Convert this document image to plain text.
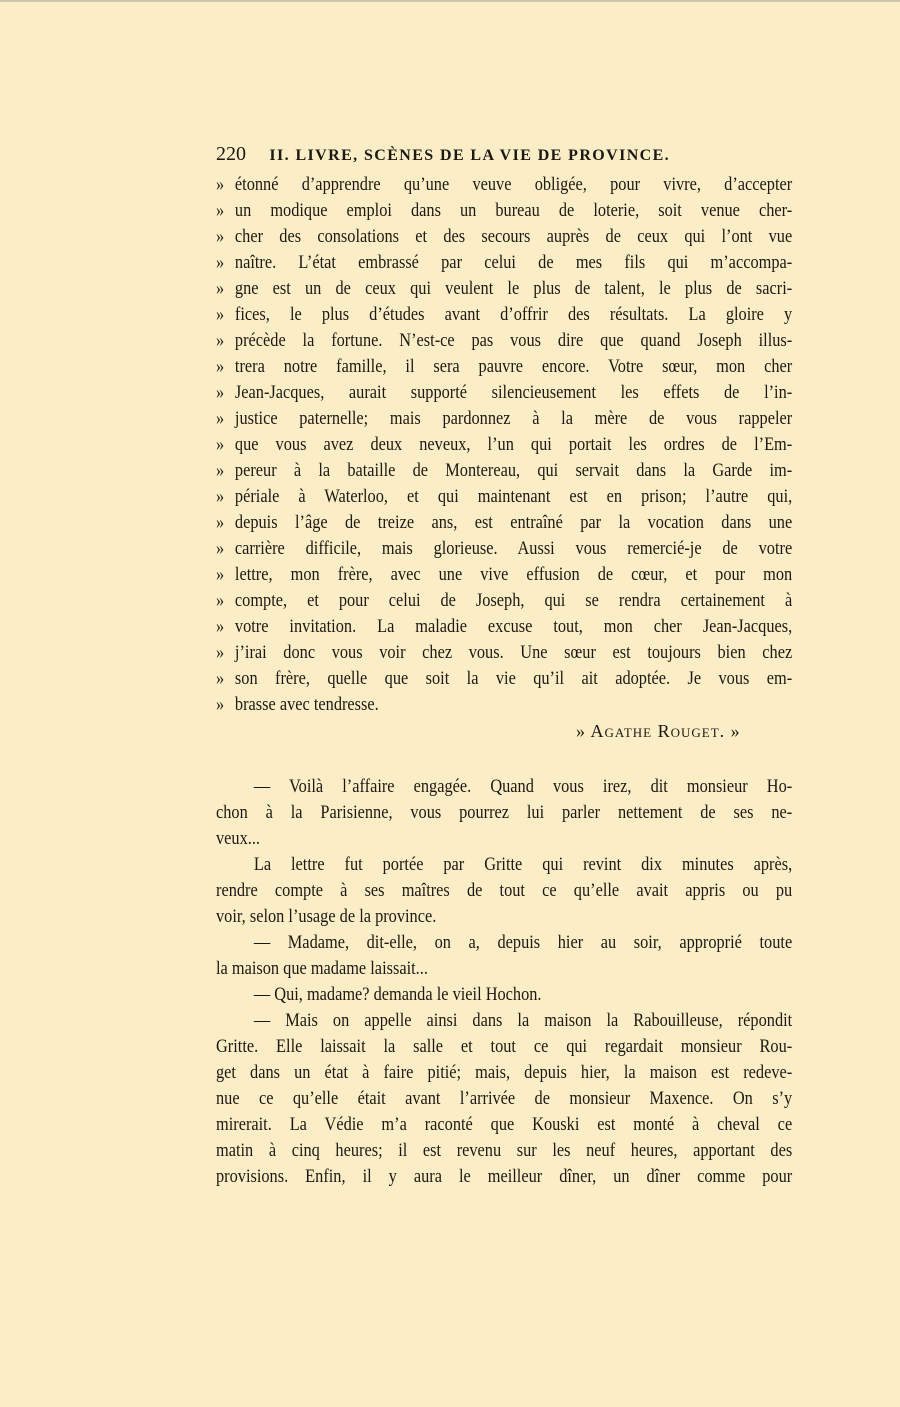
220 II. LIVRE, SCÈNES DE LA VIE DE PROVINCE.
» étonné d’apprendre qu’une veuve obligée, pour vivre, d’accepter
» un modique emploi dans un bureau de loterie, soit venue cher-
» cher des consolations et des secours auprès de ceux qui l’ont vue
» naître. L’état embrassé par celui de mes fils qui m’accompa-
» gne est un de ceux qui veulent le plus de talent, le plus de sacri-
» fices, le plus d’études avant d’offrir des résultats. La gloire y
» précède la fortune. N’est-ce pas vous dire que quand Joseph illus-
» trera notre famille, il sera pauvre encore. Votre sœur, mon cher
» Jean-Jacques, aurait supporté silencieusement les effets de l’in-
» justice paternelle; mais pardonnez à la mère de vous rappeler
» que vous avez deux neveux, l’un qui portait les ordres de l’Em-
» pereur à la bataille de Montereau, qui servait dans la Garde im-
» périale à Waterloo, et qui maintenant est en prison; l’autre qui,
» depuis l’âge de treize ans, est entraîné par la vocation dans une
» carrière difficile, mais glorieuse. Aussi vous remercié-je de votre
» lettre, mon frère, avec une vive effusion de cœur, et pour mon
» compte, et pour celui de Joseph, qui se rendra certainement à
» votre invitation. La maladie excuse tout, mon cher Jean-Jacques,
» j’irai donc vous voir chez vous. Une sœur est toujours bien chez
» son frère, quelle que soit la vie qu’il ait adoptée. Je vous em-
» brasse avec tendresse.
» Agathe Rouget. »
— Voilà l’affaire engagée. Quand vous irez, dit monsieur Ho-
chon à la Parisienne, vous pourrez lui parler nettement de ses ne-
veux...
La lettre fut portée par Gritte qui revint dix minutes après,
rendre compte à ses maîtres de tout ce qu’elle avait appris ou pu
voir, selon l’usage de la province.
— Madame, dit-elle, on a, depuis hier au soir, approprié toute
la maison que madame laissait...
— Qui, madame? demanda le vieil Hochon.
— Mais on appelle ainsi dans la maison la Rabouilleuse, répondit
Gritte. Elle laissait la salle et tout ce qui regardait monsieur Rou-
get dans un état à faire pitié; mais, depuis hier, la maison est redeve-
nue ce qu’elle était avant l’arrivée de monsieur Maxence. On s’y
mirerait. La Védie m’a raconté que Kouski est monté à cheval ce
matin à cinq heures; il est revenu sur les neuf heures, apportant des
provisions. Enfin, il y aura le meilleur dîner, un dîner comme pour
